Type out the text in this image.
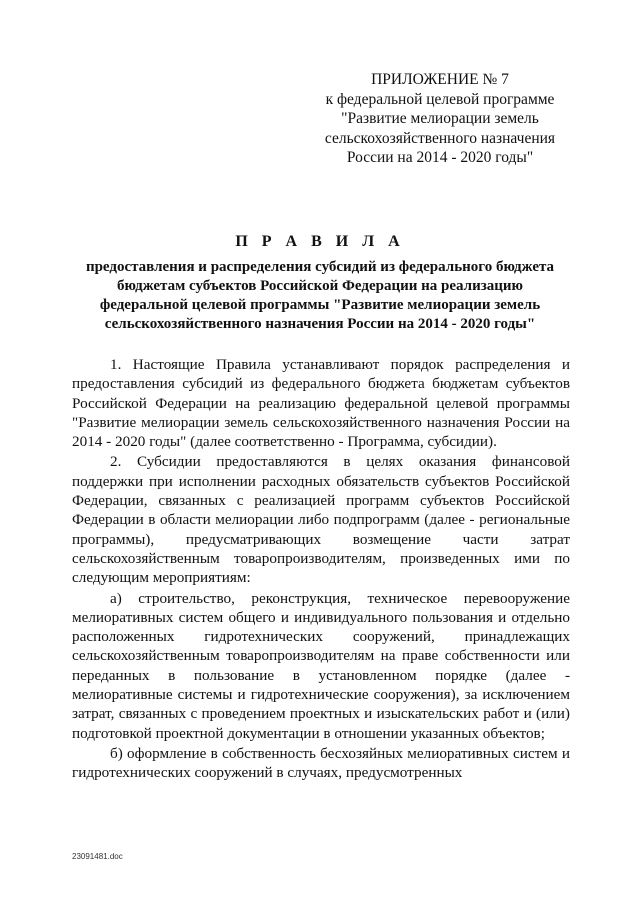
ПРИЛОЖЕНИЕ № 7
к федеральной целевой программе
"Развитие мелиорации земель
сельскохозяйственного назначения
России на 2014 - 2020 годы"
П Р А В И Л А
предоставления и распределения субсидий из федерального бюджета
бюджетам субъектов Российской Федерации на реализацию
федеральной целевой программы "Развитие мелиорации земель
сельскохозяйственного назначения России на 2014 - 2020 годы"

1. Настоящие Правила устанавливают порядок распределения и предоставления субсидий из федерального бюджета бюджетам субъектов Российской Федерации на реализацию федеральной целевой программы "Развитие мелиорации земель сельскохозяйственного назначения России на 2014 - 2020 годы" (далее соответственно - Программа, субсидии).

2. Субсидии предоставляются в целях оказания финансовой поддержки при исполнении расходных обязательств субъектов Российской Федерации, связанных с реализацией программ субъектов Российской Федерации в области мелиорации либо подпрограмм (далее - региональные программы), предусматривающих возмещение части затрат сельскохозяйственным товаропроизводителям, произведенных ими по следующим мероприятиям:

а) строительство, реконструкция, техническое перевооружение мелиоративных систем общего и индивидуального пользования и отдельно расположенных гидротехнических сооружений, принадлежащих сельскохозяйственным товаропроизводителям на праве собственности или переданных в пользование в установленном порядке (далее - мелиоративные системы и гидротехнические сооружения), за исключением затрат, связанных с проведением проектных и изыскательских работ и (или) подготовкой проектной документации в отношении указанных объектов;

б) оформление в собственность бесхозяйных мелиоративных систем и гидротехнических сооружений в случаях, предусмотренных

23091481.doc
